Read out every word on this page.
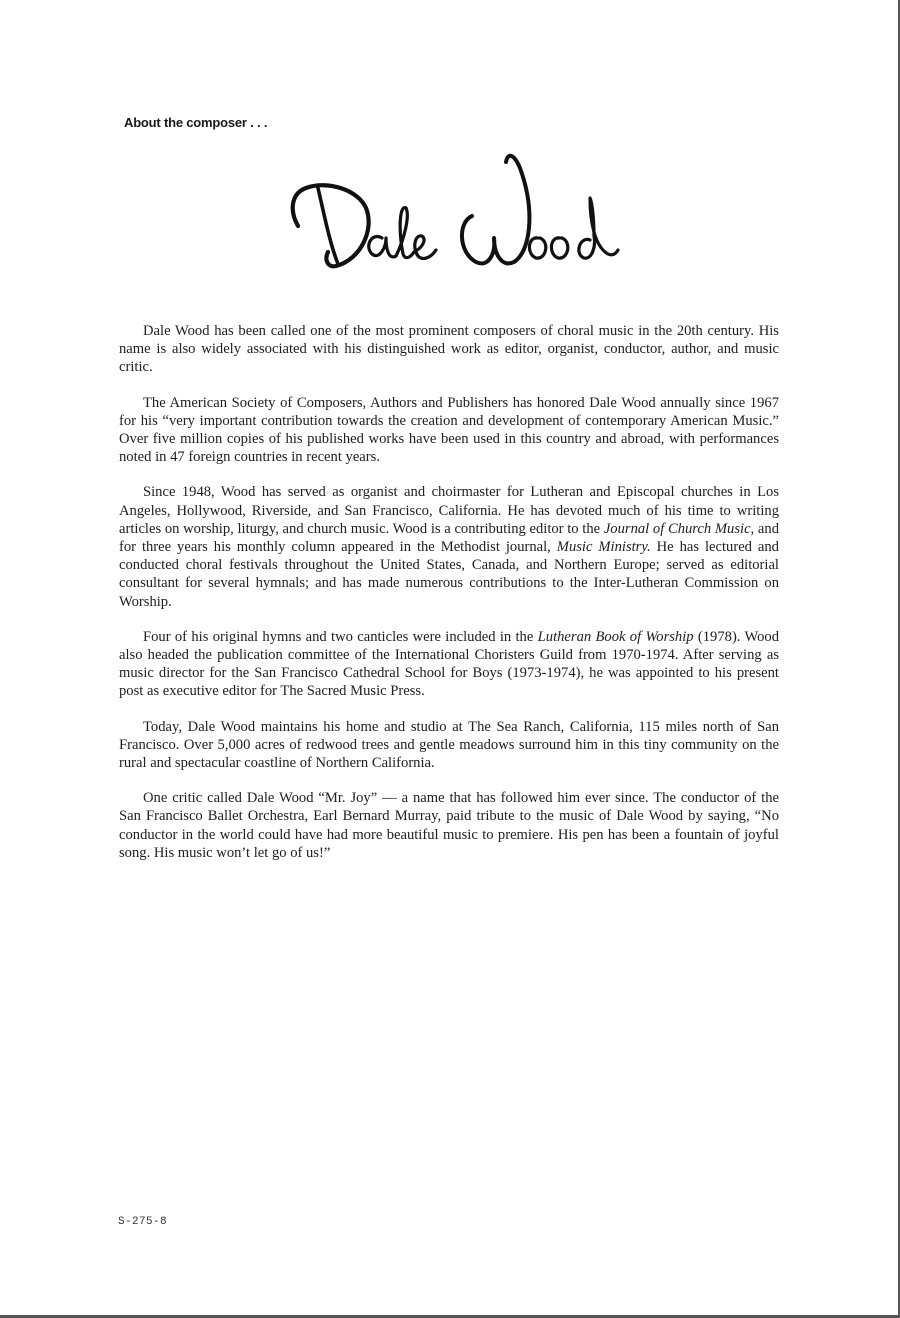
About the composer . . .

Dale Wood has been called one of the most prominent composers of choral music in the 20th century. His name is also widely associated with his distinguished work as editor, organist, conductor, author, and music critic.

The American Society of Composers, Authors and Publishers has honored Dale Wood annually since 1967 for his “very important contribution towards the creation and development of contemporary American Music.” Over five million copies of his published works have been used in this country and abroad, with performances noted in 47 foreign countries in recent years.

Since 1948, Wood has served as organist and choirmaster for Lutheran and Episcopal churches in Los Angeles, Hollywood, Riverside, and San Francisco, California. He has devoted much of his time to writing articles on worship, liturgy, and church music. Wood is a contributing editor to the Journal of Church Music, and for three years his monthly column appeared in the Methodist journal, Music Ministry. He has lectured and conducted choral festivals throughout the United States, Canada, and Northern Europe; served as editorial consultant for several hymnals; and has made numerous contributions to the Inter-Lutheran Commission on Worship.

Four of his original hymns and two canticles were included in the Lutheran Book of Worship (1978). Wood also headed the publication committee of the International Choristers Guild from 1970-1974. After serving as music director for the San Francisco Cathedral School for Boys (1973-1974), he was appointed to his present post as executive editor for The Sacred Music Press.

Today, Dale Wood maintains his home and studio at The Sea Ranch, California, 115 miles north of San Francisco. Over 5,000 acres of redwood trees and gentle meadows surround him in this tiny community on the rural and spectacular coastline of Northern California.

One critic called Dale Wood “Mr. Joy” — a name that has followed him ever since. The conductor of the San Francisco Ballet Orchestra, Earl Bernard Murray, paid tribute to the music of Dale Wood by saying, “No conductor in the world could have had more beautiful music to premiere. His pen has been a fountain of joyful song. His music won’t let go of us!”

S-275-8
